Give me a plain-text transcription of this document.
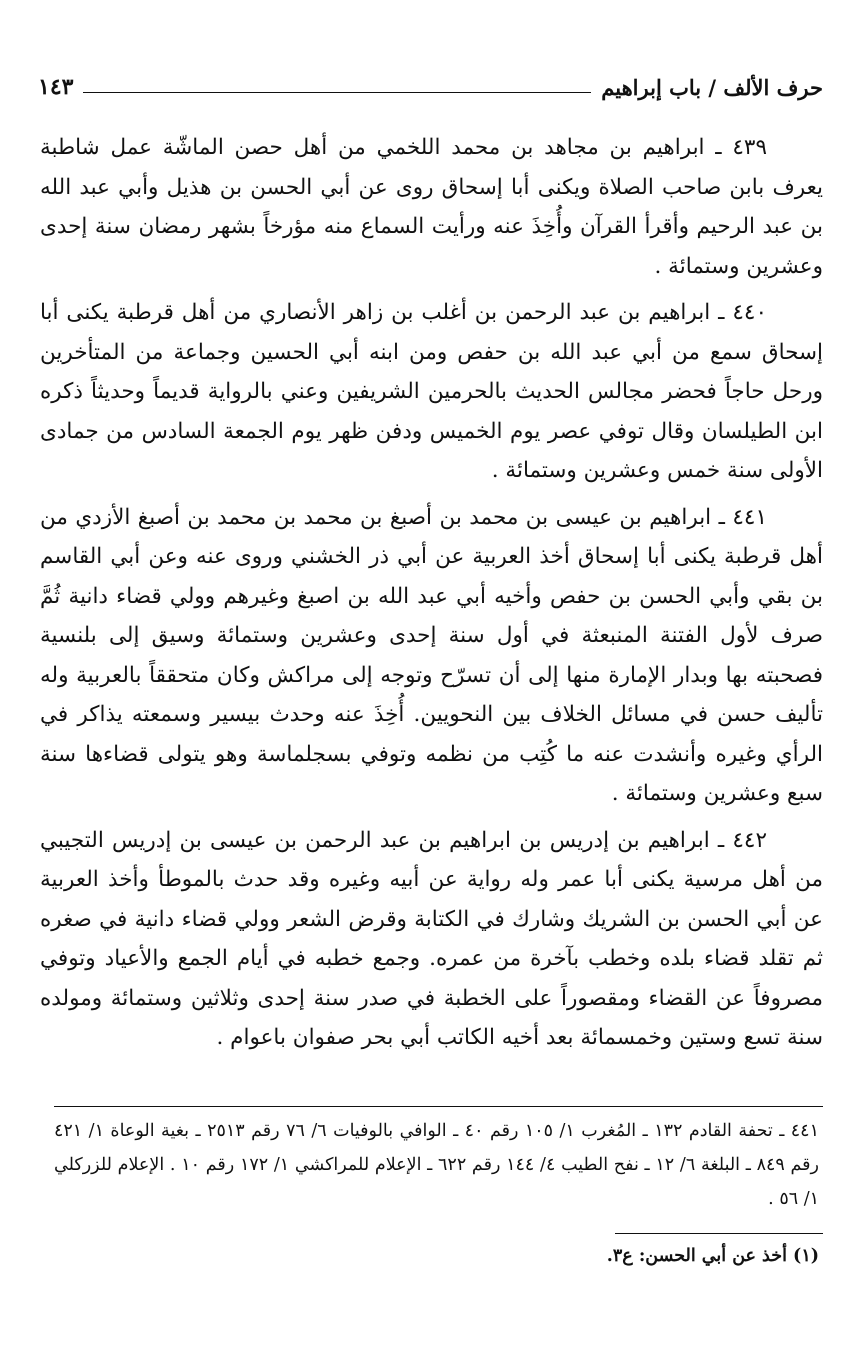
حرف الألف / باب إبراهيم
١٤٣

٤٣٩ ـ ابراهيم بن مجاهد بن محمد اللخمي من أهل حصن الماشّة عمل شاطبة يعرف بابن صاحب الصلاة ويكنى أبا إسحاق روى عن أبي الحسن بن هذيل وأبي عبد الله بن عبد الرحيم وأقرأ القرآن وأُخِذَ عنه ورأيت السماع منه مؤرخاً بشهر رمضان سنة إحدى وعشرين وستمائة .

٤٤٠ ـ ابراهيم بن عبد الرحمن بن أغلب بن زاهر الأنصاري من أهل قرطبة يكنى أبا إسحاق سمع من أبي عبد الله بن حفص ومن ابنه أبي الحسين وجماعة من المتأخرين ورحل حاجاً فحضر مجالس الحديث بالحرمين الشريفين وعني بالرواية قديماً وحديثاً ذكره ابن الطيلسان وقال توفي عصر يوم الخميس ودفن ظهر يوم الجمعة السادس من جمادى الأولى سنة خمس وعشرين وستمائة .

٤٤١ ـ ابراهيم بن عيسى بن محمد بن أصبغ بن محمد بن محمد بن أصبغ الأزدي من أهل قرطبة يكنى أبا إسحاق أخذ العربية عن أبي ذر الخشني وروى عنه وعن أبي القاسم بن بقي وأبي الحسن بن حفص وأخيه أبي عبد الله بن اصبغ وغيرهم وولي قضاء دانية ثُمَّ صرف لأول الفتنة المنبعثة في أول سنة إحدى وعشرين وستمائة وسيق إلى بلنسية فصحبته بها وبدار الإمارة منها إلى أن تسرّح وتوجه إلى مراكش وكان متحققاً بالعربية وله تأليف حسن في مسائل الخلاف بين النحويين. أُخِذَ عنه وحدث بيسير وسمعته يذاكر في الرأي وغيره وأنشدت عنه ما كُتِب من نظمه وتوفي بسجلماسة وهو يتولى قضاءها سنة سبع وعشرين وستمائة .

٤٤٢ ـ ابراهيم بن إدريس بن ابراهيم بن عبد الرحمن بن عيسى بن إدريس التجيبي من أهل مرسية يكنى أبا عمر وله رواية عن أبيه وغيره وقد حدث بالموطأ وأخذ العربية عن أبي الحسن بن الشريك وشارك في الكتابة وقرض الشعر وولي قضاء دانية في صغره ثم تقلد قضاء بلده وخطب بآخرة من عمره. وجمع خطبه في أيام الجمع والأعياد وتوفي مصروفاً عن القضاء ومقصوراً على الخطبة في صدر سنة إحدى وثلاثين وستمائة ومولده سنة تسع وستين وخمسمائة بعد أخيه الكاتب أبي بحر صفوان باعوام .

٤٤١ ـ تحفة القادم ١٣٢ ـ المُغرب ١/ ١٠٥ رقم ٤٠ ـ الوافي بالوفيات ٦/ ٧٦ رقم ٢٥١٣ ـ بغية الوعاة ١/ ٤٢١ رقم ٨٤٩ ـ البلغة ٦/ ١٢ ـ نفح الطيب ٤/ ١٤٤ رقم ٦٢٢ ـ الإعلام للمراكشي ١/ ١٧٢ رقم ١٠ . الإعلام للزركلي ١/ ٥٦ .

(١) أخذ عن أبي الحسن: ع٣.
